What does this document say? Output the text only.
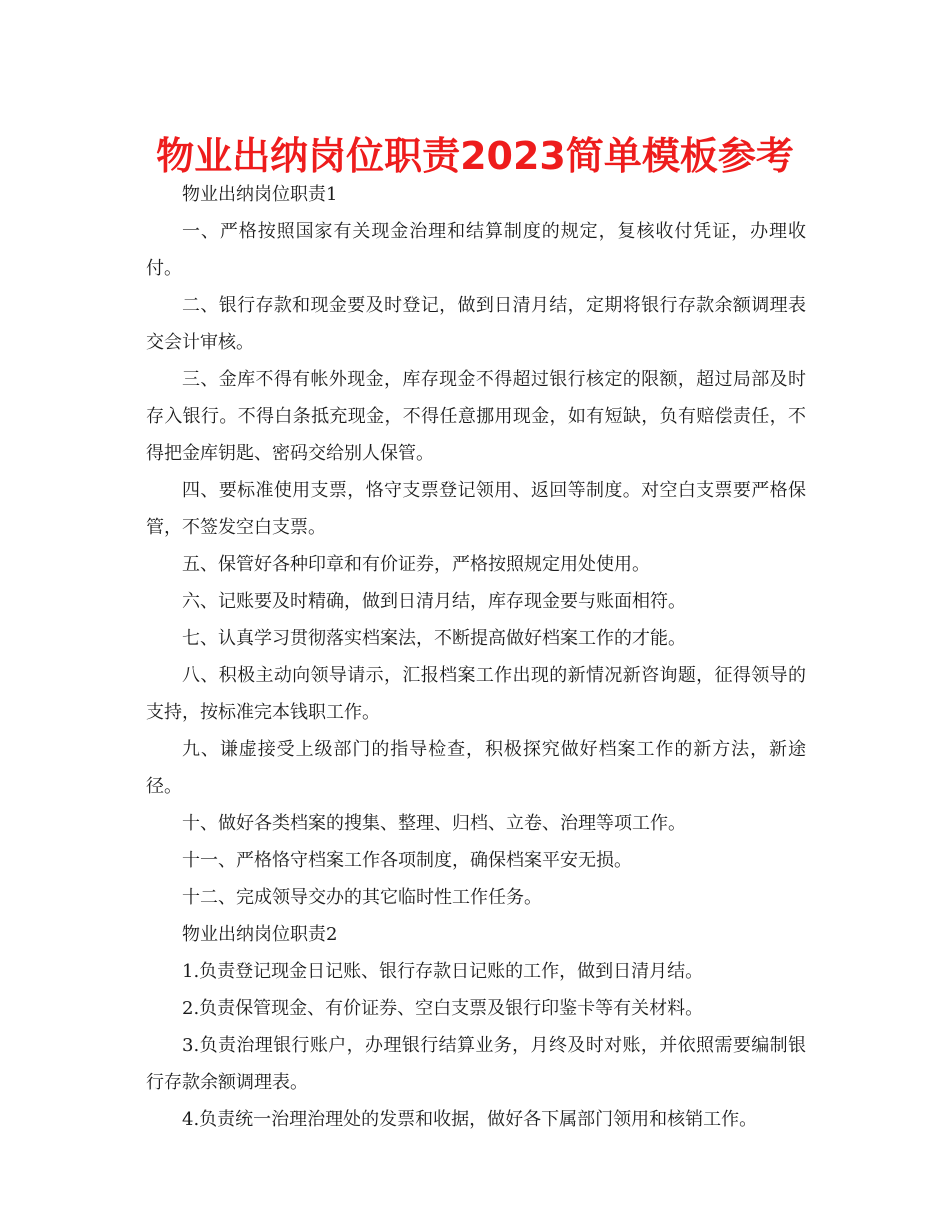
物业出纳岗位职责2023简单模板参考

物业出纳岗位职责1

一、严格按照国家有关现金治理和结算制度的规定，复核收付凭证，办理收付。

二、银行存款和现金要及时登记，做到日清月结，定期将银行存款余额调理表交会计审核。

三、金库不得有帐外现金，库存现金不得超过银行核定的限额，超过局部及时存入银行。不得白条抵充现金，不得任意挪用现金，如有短缺，负有赔偿责任，不得把金库钥匙、密码交给别人保管。

四、要标准使用支票，恪守支票登记领用、返回等制度。对空白支票要严格保管，不签发空白支票。

五、保管好各种印章和有价证券，严格按照规定用处使用。

六、记账要及时精确，做到日清月结，库存现金要与账面相符。

七、认真学习贯彻落实档案法，不断提高做好档案工作的才能。

八、积极主动向领导请示，汇报档案工作出现的新情况新咨询题，征得领导的支持，按标准完本钱职工作。

九、谦虚接受上级部门的指导检查，积极探究做好档案工作的新方法，新途径。

十、做好各类档案的搜集、整理、归档、立卷、治理等项工作。

十一、严格恪守档案工作各项制度，确保档案平安无损。

十二、完成领导交办的其它临时性工作任务。

物业出纳岗位职责2

1.负责登记现金日记账、银行存款日记账的工作，做到日清月结。

2.负责保管现金、有价证券、空白支票及银行印鉴卡等有关材料。

3.负责治理银行账户，办理银行结算业务，月终及时对账，并依照需要编制银行存款余额调理表。

4.负责统一治理治理处的发票和收据，做好各下属部门领用和核销工作。
